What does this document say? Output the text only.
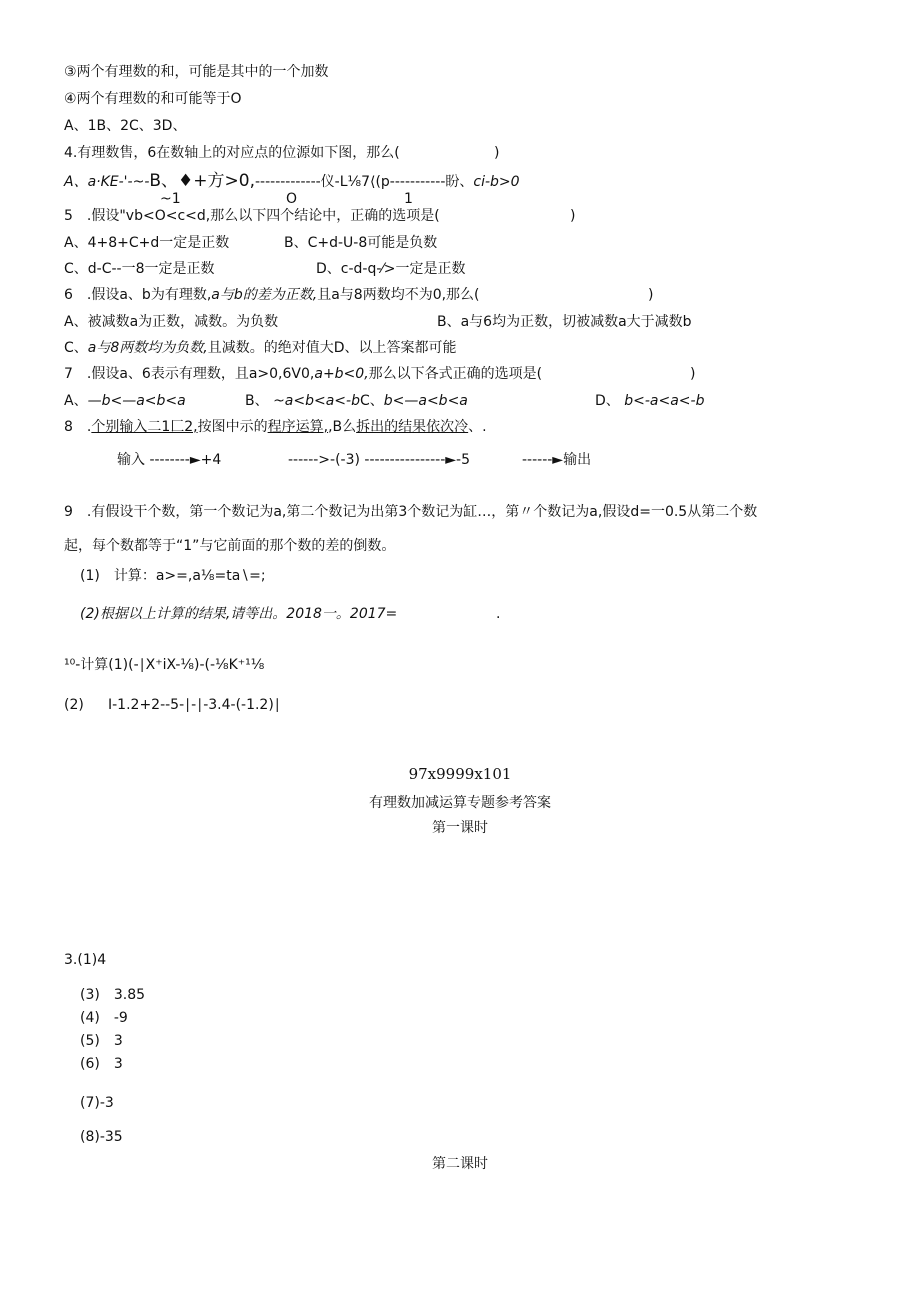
③两个有理数的和，可能是其中的一个加数
④两个有理数的和可能等于O
A、1B、2C、3D、
4.有理数售，6在数轴上的对应点的位源如下图，那么(	)
A、a·KE-'-~-B、♦+方>0,-------------仪-L⅛7⟨(p-----------盼、ci-b>0
~1	O	1
5　.假设"vb<O<c<d,那么以下四个结论中，正确的选项是(	)
A、4+8+C+d一定是正数	B、C+d-U-8可能是负数
C、d-C--一8一定是正数	D、c-d-q-⁄>一定是正数
6　.假设a、b为有理数,a与b的差为正数,且a与8两数均不为0,那么(	)
A、被减数a为正数，减数。为负数	B、a与6均为正数，切被减数a大于减数b
C、a与8两数均为负数,且减数。的绝对值大D、以上答案都可能
7　.假设a、6表示有理数，且a>0,6V0,a+b<0,那么以下各式正确的选项是(	)
A、—b<—a<b<a	B、 ~a<b<a<-bC、b<—a<b<a	D、 b<-a<a<-b
8　.个别输入二1匚2,按图中示的程序运算,,B么拆出的结果依次冷、.
输入 --------►+4	------>-(-3) ----------------►-5	------►输出
9　.有假设干个数，第一个数记为a,第二个数记为出第3个数记为缸…，第〃个数记为a,假设d=一0.5从第二个数
起，每个数都等于“1”与它前面的那个数的差的倒数。
(1)　计算：a>=,a⅛=ta∖=;
(2)根据以上计算的结果,请等出。2018一。2017=	.
¹⁰-计算(1)(-∣X⁺iX-⅛)-(-⅛K⁺¹⅛
(2) I-1.2+2--5-∣-∣-3.4-(-1.2)∣
97x9999x101
有理数加减运算专题参考答案
第一课时
3.(1)4
(3)　3.85
(4)　-9
(5)　3
(6)　3
(7)-3
(8)-35
第二课时
